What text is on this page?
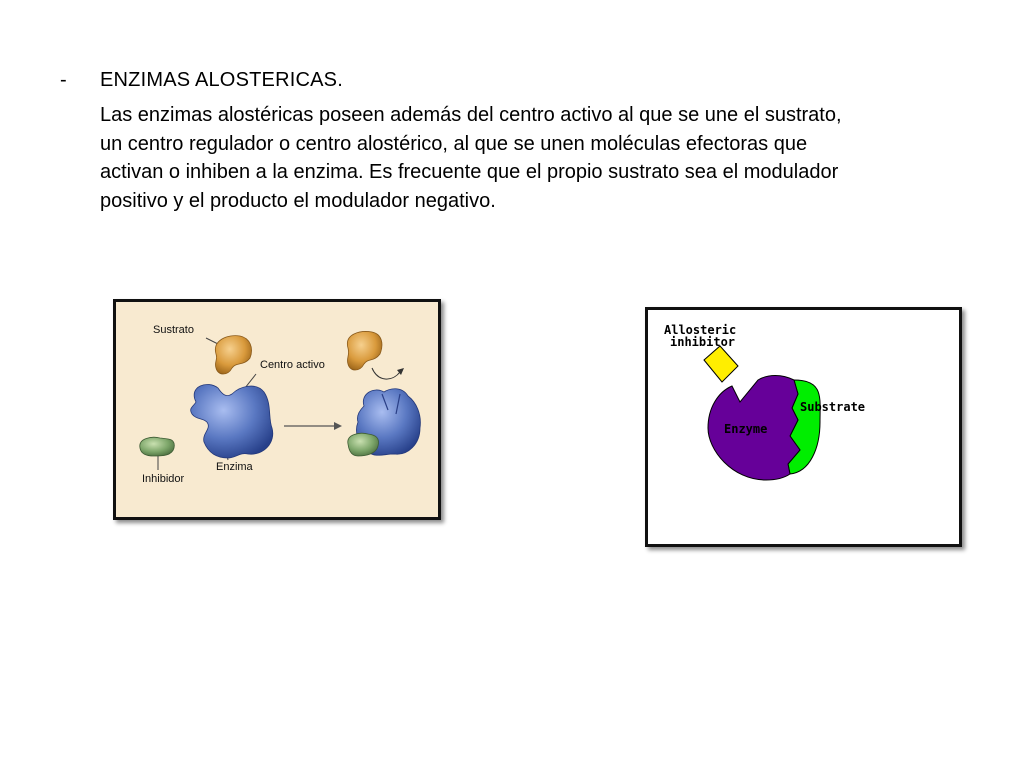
- ENZIMAS ALOSTERICAS.
Las enzimas alostéricas poseen además del centro activo al que se une el sustrato,
un centro regulador o centro alostérico, al que se unen moléculas efectoras que
activan o inhiben a la enzima. Es frecuente que el propio sustrato sea el modulador
positivo y el producto el modulador negativo.
Sustrato
Centro activo
Enzima
Inhibidor
Allosteric
inhibitor
Substrate
Enzyme
